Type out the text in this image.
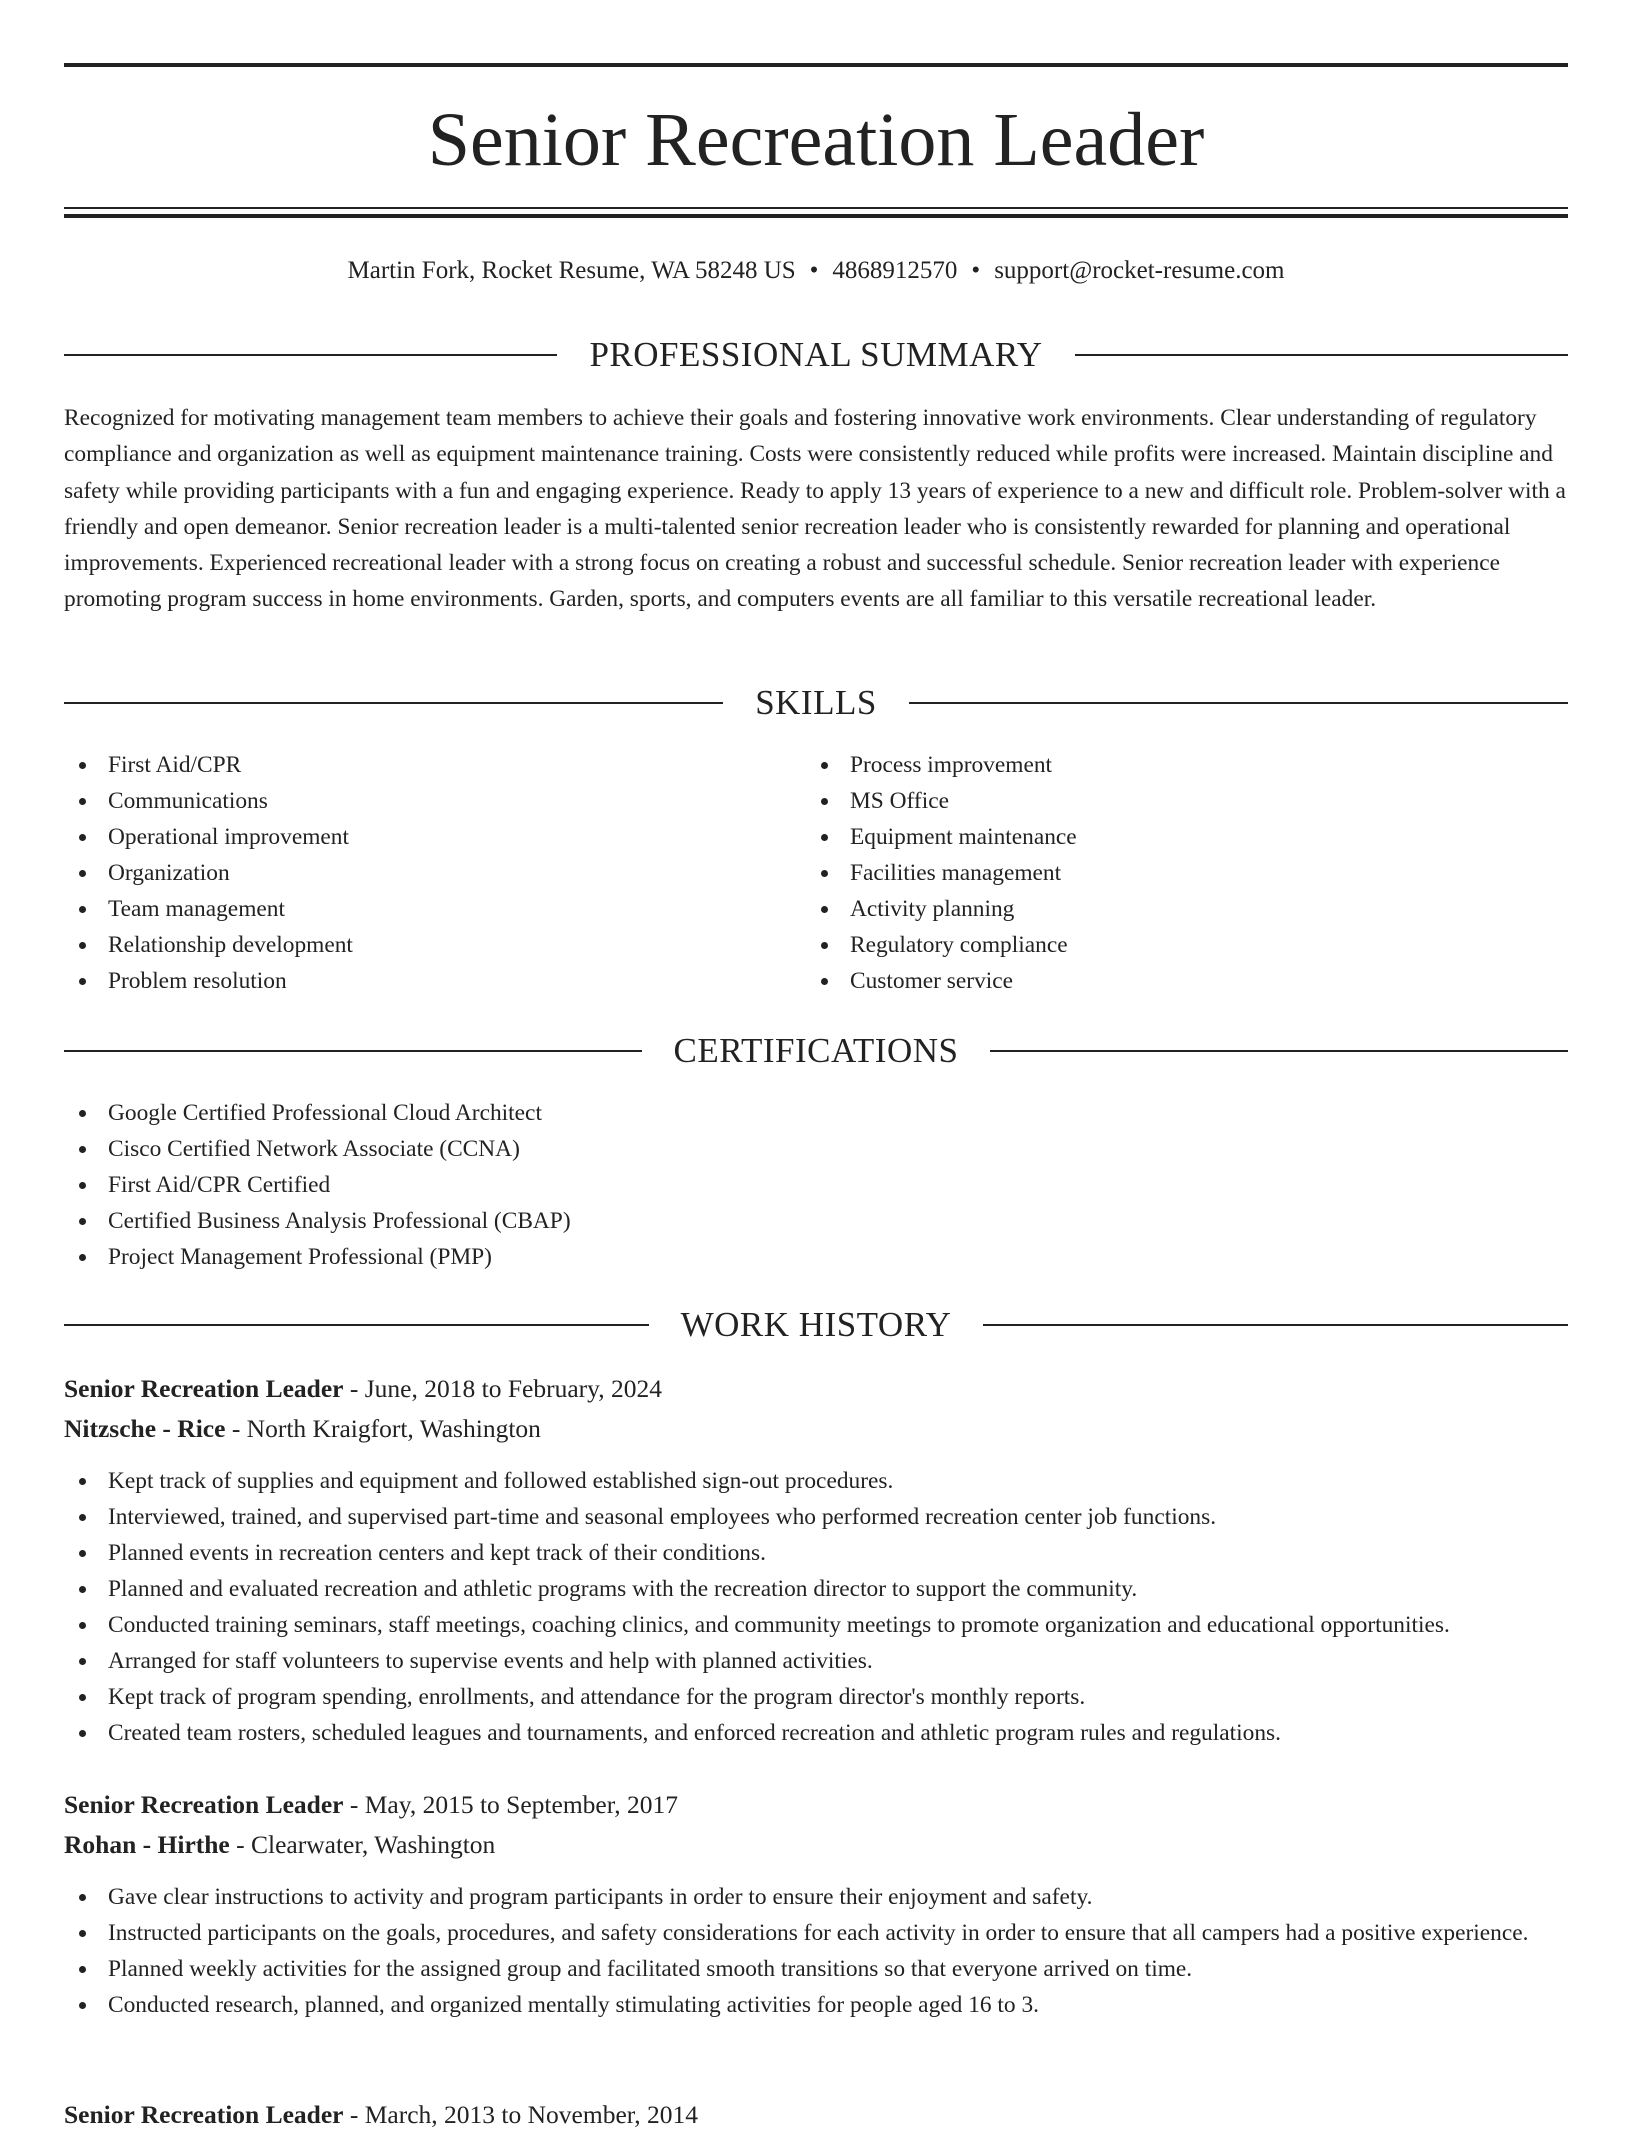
Senior Recreation Leader
Martin Fork, Rocket Resume, WA 58248 US • 4868912570 • support@rocket-resume.com
PROFESSIONAL SUMMARY

Recognized for motivating management team members to achieve their goals and fostering innovative work environments. Clear understanding of regulatory compliance and organization as well as equipment maintenance training. Costs were consistently reduced while profits were increased. Maintain discipline and safety while providing participants with a fun and engaging experience. Ready to apply 13 years of experience to a new and difficult role. Problem-solver with a friendly and open demeanor. Senior recreation leader is a multi-talented senior recreation leader who is consistently rewarded for planning and operational improvements. Experienced recreational leader with a strong focus on creating a robust and successful schedule. Senior recreation leader with experience promoting program success in home environments. Garden, sports, and computers events are all familiar to this versatile recreational leader.

SKILLS
First Aid/CPR
Communications
Operational improvement
Organization
Team management
Relationship development
Problem resolution
Process improvement
MS Office
Equipment maintenance
Facilities management
Activity planning
Regulatory compliance
Customer service
CERTIFICATIONS
Google Certified Professional Cloud Architect
Cisco Certified Network Associate (CCNA)
First Aid/CPR Certified
Certified Business Analysis Professional (CBAP)
Project Management Professional (PMP)
WORK HISTORY
Senior Recreation Leader - June, 2018 to February, 2024
Nitzsche - Rice - North Kraigfort, Washington
Kept track of supplies and equipment and followed established sign-out procedures.
Interviewed, trained, and supervised part-time and seasonal employees who performed recreation center job functions.
Planned events in recreation centers and kept track of their conditions.
Planned and evaluated recreation and athletic programs with the recreation director to support the community.
Conducted training seminars, staff meetings, coaching clinics, and community meetings to promote organization and educational opportunities.
Arranged for staff volunteers to supervise events and help with planned activities.
Kept track of program spending, enrollments, and attendance for the program director's monthly reports.
Created team rosters, scheduled leagues and tournaments, and enforced recreation and athletic program rules and regulations.
Senior Recreation Leader - May, 2015 to September, 2017
Rohan - Hirthe - Clearwater, Washington
Gave clear instructions to activity and program participants in order to ensure their enjoyment and safety.
Instructed participants on the goals, procedures, and safety considerations for each activity in order to ensure that all campers had a positive experience.
Planned weekly activities for the assigned group and facilitated smooth transitions so that everyone arrived on time.
Conducted research, planned, and organized mentally stimulating activities for people aged 16 to 3.
Senior Recreation Leader - March, 2013 to November, 2014
